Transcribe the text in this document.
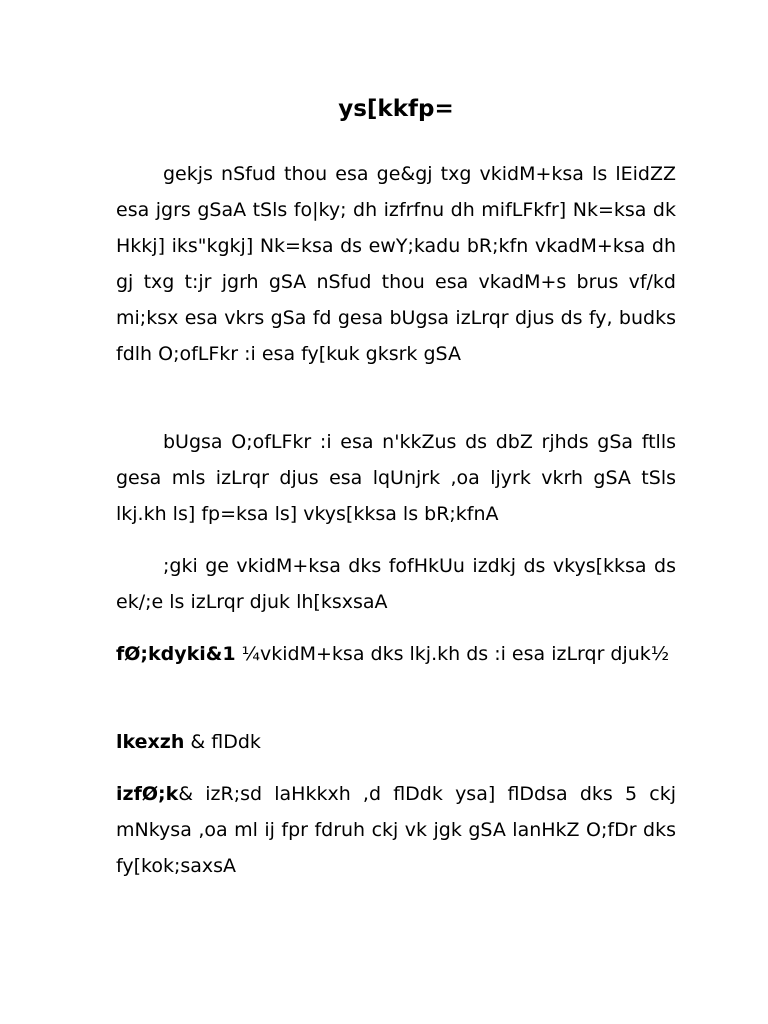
ys[kkfp=

gekjs nSfud thou esa ge&gj txg vkidM+ksa ls lEidZZ esa jgrs gSaA tSls fo|ky; dh izfrfnu dh mifLFkfr] Nk=ksa dk Hkkj] iks"kgkj] Nk=ksa ds ewY;kadu bR;kfn vkadM+ksa dh gj txg t:jr jgrh gSA nSfud thou esa vkadM+s brus vf/kd mi;ksx esa vkrs gSa fd gesa bUgsa izLrqr djus ds fy, budks fdlh O;ofLFkr :i esa fy[kuk gksrk gSA

bUgsa O;ofLFkr :i esa n'kkZus ds dbZ rjhds gSa ftlls gesa mls izLrqr djus esa lqUnjrk ,oa ljyrk vkrh gSA tSls lkj.kh ls] fp=ksa ls] vkys[kksa ls bR;kfnA

;gki ge vkidM+ksa dks fofHkUu izdkj ds vkys[kksa ds ek/;e ls izLrqr djuk lh[ksxsaA

fØ;kdyki&1 ¼vkidM+ksa dks lkj.kh ds :i esa izLrqr djuk½

lkexzh & flDdk

izfØ;k& izR;sd laHkkxh ,d flDdk ysa] flDdsa dks 5 ckj mNkysa ,oa ml ij fpr fdruh ckj vk jgk gSA lanHkZ O;fDr dks fy[kok;saxsA
